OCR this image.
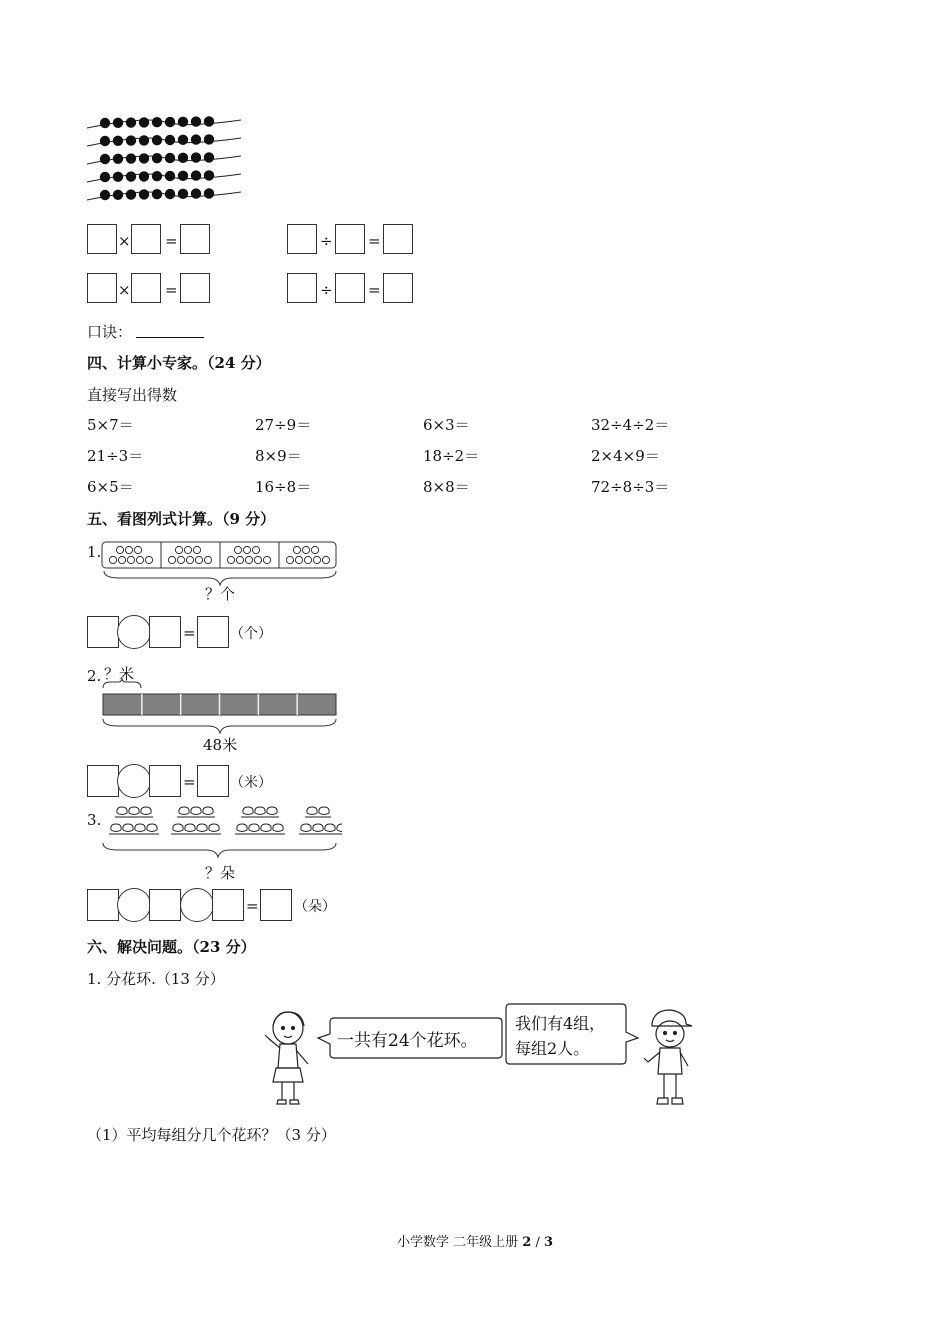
× =	÷ =
× =	÷ =
口诀：
四、计算小专家。（24 分）
直接写出得数
5×7＝	27÷9＝	6×3＝	32÷4÷2＝
21÷3＝	8×9＝	18÷2＝	2×4×9＝
6×5＝	16÷8＝	8×8＝	72÷8÷3＝
五、看图列式计算。（9 分）
1.
？个
= （个）
2. ？米
48米
= （米）
3.
？朵
=	（朵）
六、解决问题。（23 分）
1. 分花环.（13 分）
一共有24个花环。
我们有4组，
每组2人。
（1）平均每组分几个花环？（3 分）
小学数学 二年级上册 2 / 3
